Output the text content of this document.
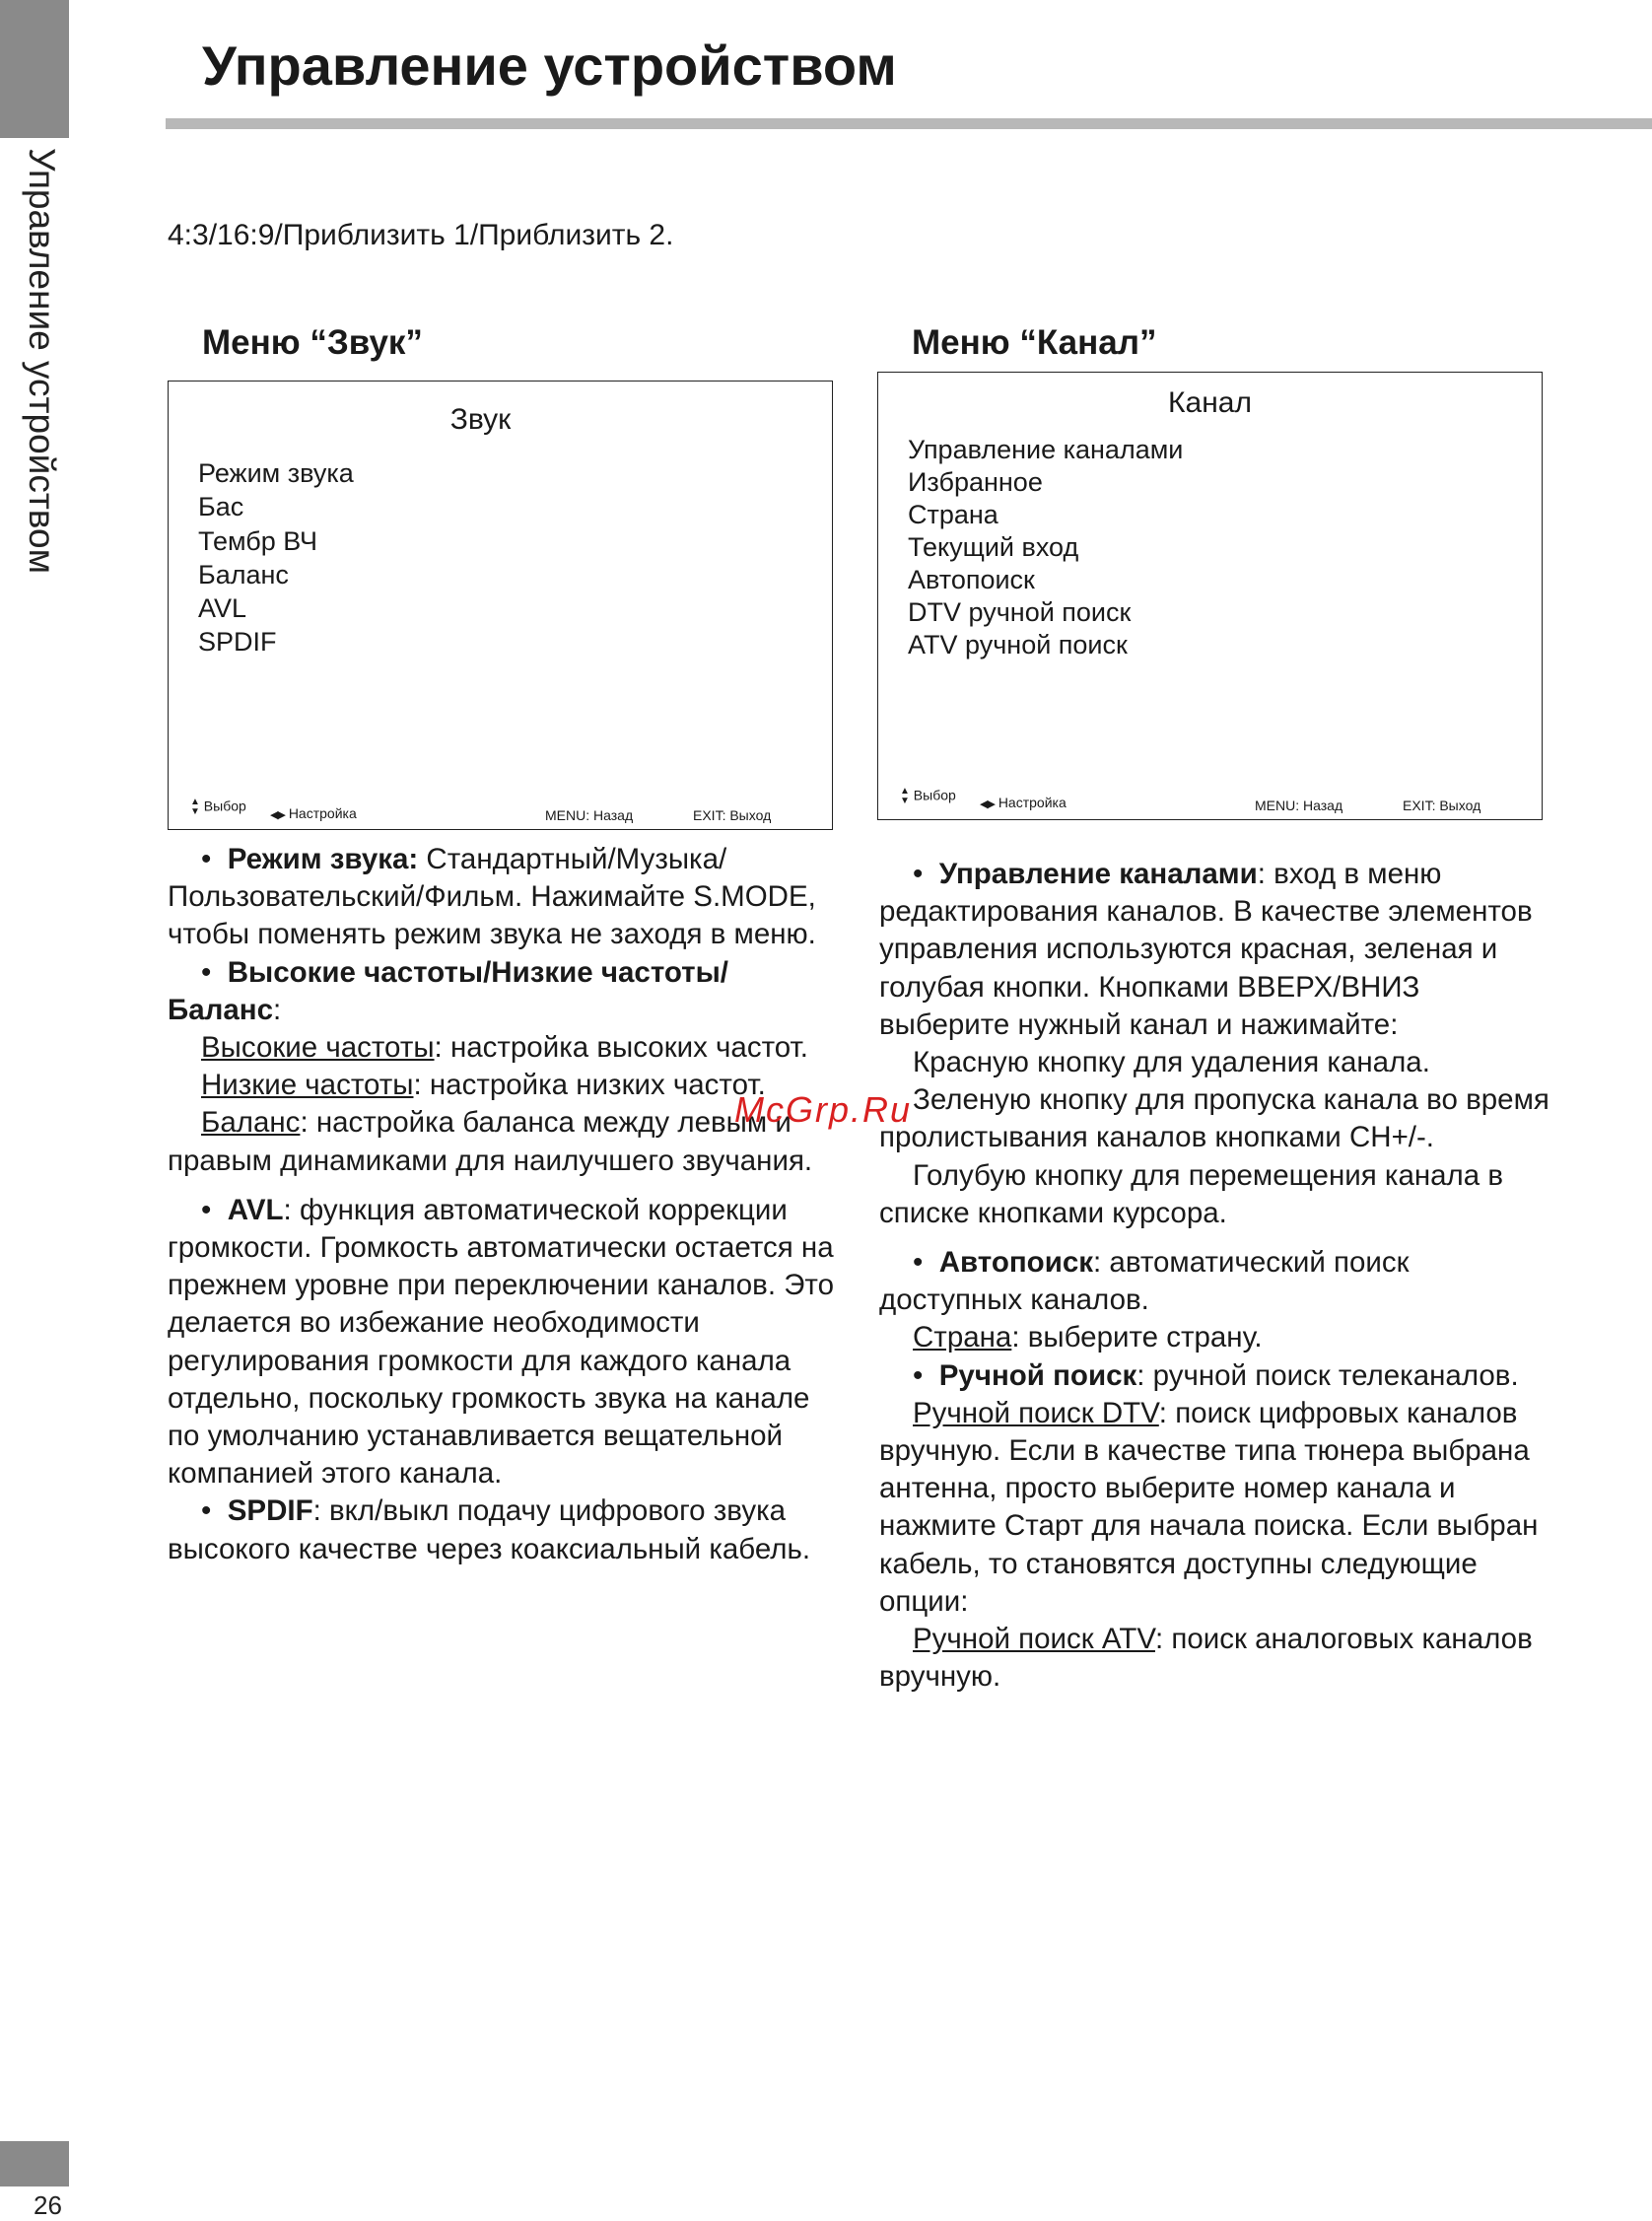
Управление устройством
26
Управление устройством
4:3/16:9/Приблизить 1/Приблизить 2.
Меню “Звук”
Звук
Режим звука
Бас
Тембр ВЧ
Баланс
AVL
SPDIF
▲
▼ Выбор
◀▶ Настройка	MENU: Назад	EXIT: Выход
Меню “Канал”
Канал
Управление каналами
Избранное
Страна
Текущий вход
Автопоиск
DTV ручной поиск
ATV ручной поиск
▲
▼ Выбор
◀▶ Настройка	MENU: Назад	EXIT: Выход

•  Режим звука: Стандартный/Музыка/ Пользовательский/Фильм. Нажимайте S.MODE, чтобы поменять режим звука не заходя в меню.

•  Высокие частоты/Низкие частоты/ Баланс:

Высокие частоты: настройка высоких частот.

Низкие частоты: настройка низких частот.

Баланс: настройка баланса между левым и правым динамиками для наилучшего звучания.

•  AVL: функция автоматической коррекции громкости. Громкость автоматически остается на прежнем уровне при переключении каналов. Это делается во избежание необходимости регулирования громкости для каждого канала отдельно, поскольку громкость звука на канале по умолчанию устанавливается вещательной компанией этого канала.

•  SPDIF: вкл/выкл подачу цифрового звука высокого качестве через коаксиальный кабель.

•  Управление каналами: вход в меню редактирования каналов. В качестве элементов управления используются красная, зеленая и голубая кнопки. Кнопками ВВЕРХ/ВНИЗ выберите нужный канал и нажимайте:

Красную кнопку для удаления канала.

Зеленую кнопку для пропуска канала во время пролистывания каналов кнопками CH+/-.

Голубую кнопку для перемещения канала в списке кнопками курсора.

•  Автопоиск: автоматический поиск доступных каналов.

Страна: выберите страну.

•  Ручной поиск: ручной поиск телеканалов.

Ручной поиск DTV: поиск цифровых каналов вручную. Если в качестве типа тюнера выбрана антенна, просто выберите номер канала и нажмите Старт для начала поиска. Если выбран кабель, то становятся доступны следующие опции:

Ручной поиск ATV: поиск аналоговых каналов вручную.

McGrp.Ru
